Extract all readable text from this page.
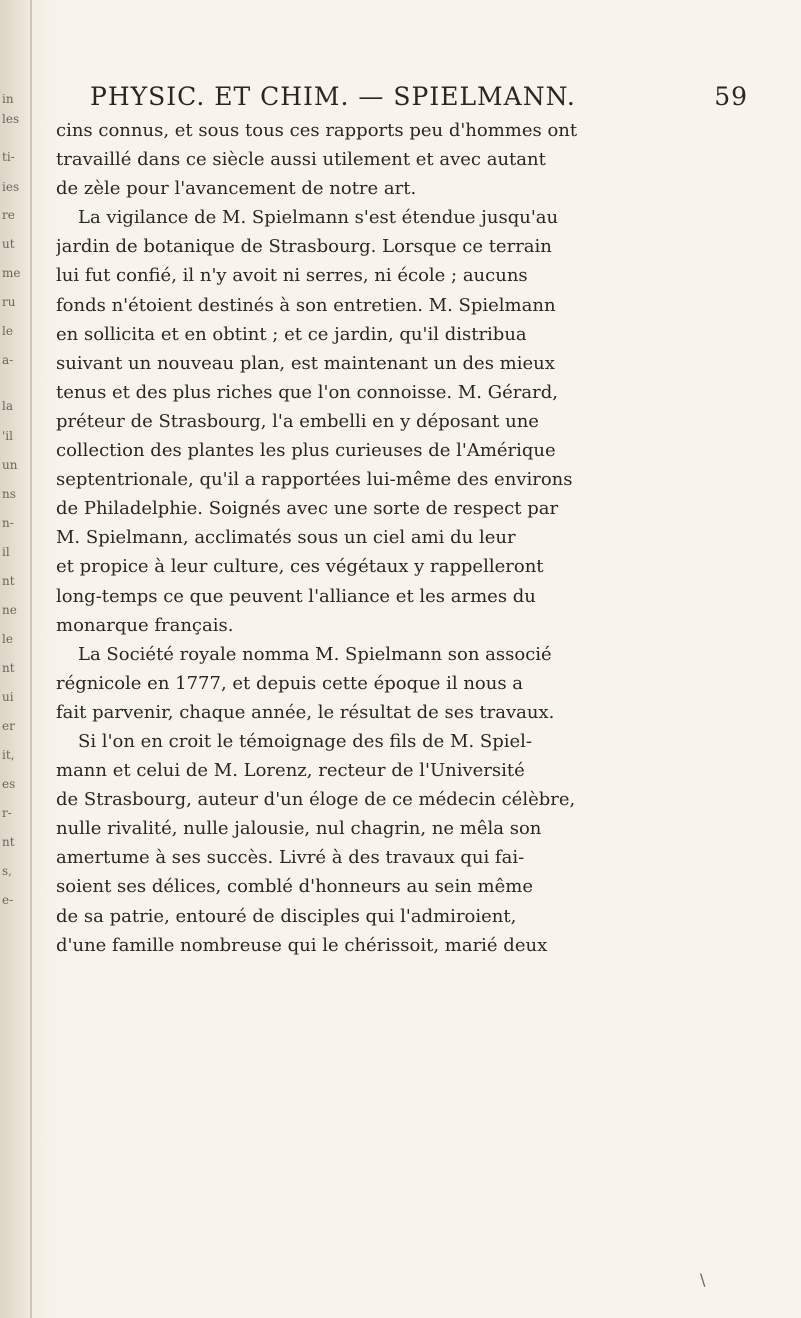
in
les
ti-
ies
re
ut
me
ru
le
a-
la
'il
un
ns
n-
il
nt
ne
le
nt
ui
er
it,
es
r-
nt
s,
e-
PHYSIC. ET CHIM. — SPIELMANN.	59
cins connus, et sous tous ces rapports peu d'hommes ont
travaillé dans ce siècle aussi utilement et avec autant
de zèle pour l'avancement de notre art.
La vigilance de M. Spielmann s'est étendue jusqu'au
jardin de botanique de Strasbourg. Lorsque ce terrain
lui fut confié, il n'y avoit ni serres, ni école ; aucuns
fonds n'étoient destinés à son entretien. M. Spielmann
en sollicita et en obtint ; et ce jardin, qu'il distribua
suivant un nouveau plan, est maintenant un des mieux
tenus et des plus riches que l'on connoisse. M. Gérard,
préteur de Strasbourg, l'a embelli en y déposant une
collection des plantes les plus curieuses de l'Amérique
septentrionale, qu'il a rapportées lui-même des environs
de Philadelphie. Soignés avec une sorte de respect par
M. Spielmann, acclimatés sous un ciel ami du leur
et propice à leur culture, ces végétaux y rappelleront
long-temps ce que peuvent l'alliance et les armes du
monarque français.
La Société royale nomma M. Spielmann son associé
régnicole en 1777, et depuis cette époque il nous a
fait parvenir, chaque année, le résultat de ses travaux.
Si l'on en croit le témoignage des fils de M. Spiel-
mann et celui de M. Lorenz, recteur de l'Université
de Strasbourg, auteur d'un éloge de ce médecin célèbre,
nulle rivalité, nulle jalousie, nul chagrin, ne mêla son
amertume à ses succès. Livré à des travaux qui fai-
soient ses délices, comblé d'honneurs au sein même
de sa patrie, entouré de disciples qui l'admiroient,
d'une famille nombreuse qui le chérissoit, marié deux
\
